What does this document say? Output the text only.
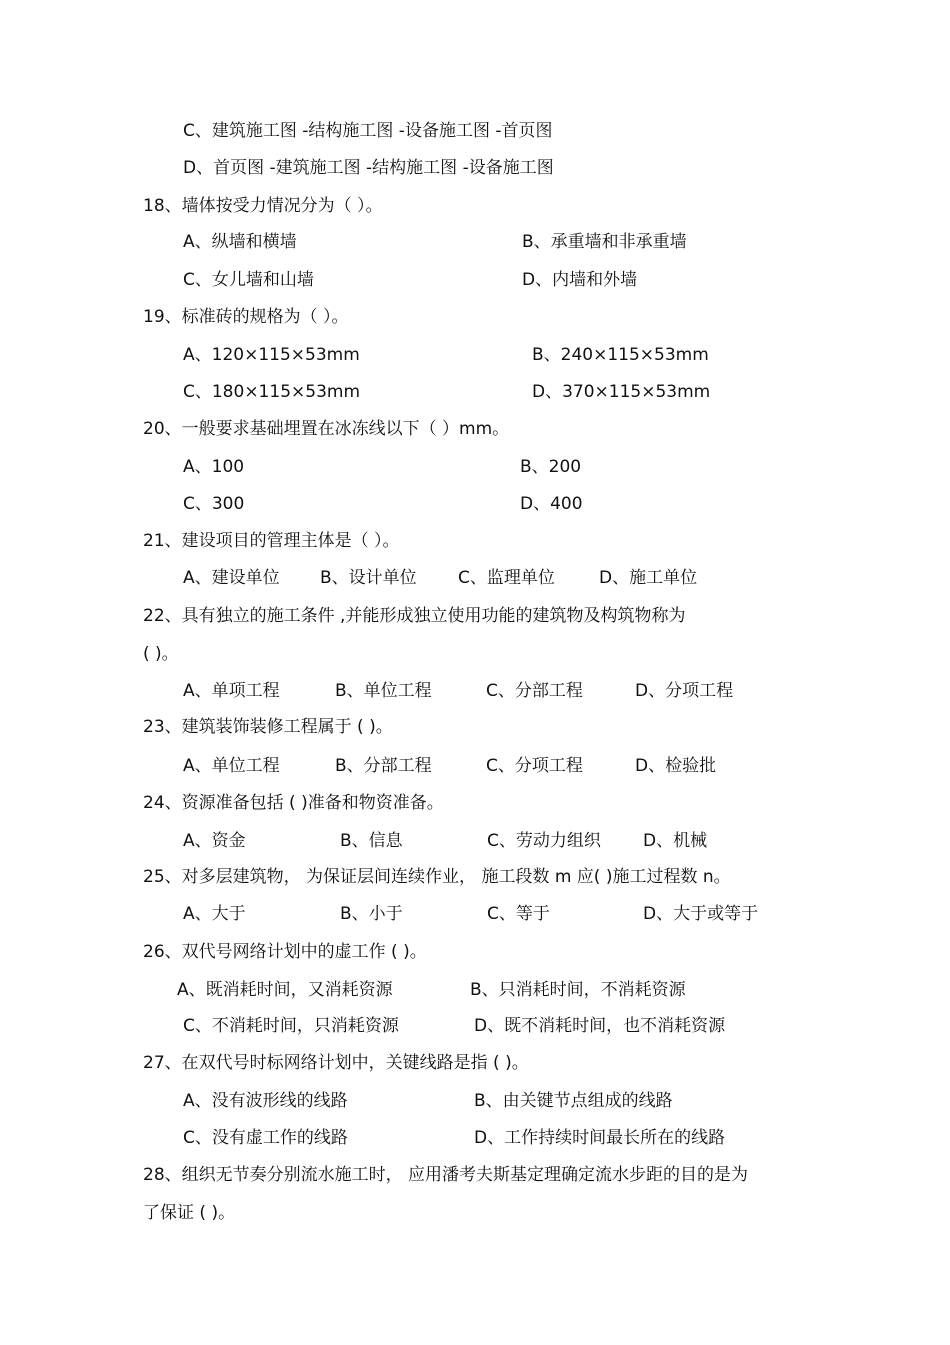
C、建筑施工图 -结构施工图 -设备施工图 -首页图
D、首页图 -建筑施工图 -结构施工图 -设备施工图
18、墙体按受力情况分为（ ）。
A、纵墙和横墙	B、承重墙和非承重墙
C、女儿墙和山墙	D、内墙和外墙
19、标准砖的规格为（ ）。
A、120×115×53mm	B、240×115×53mm
C、180×115×53mm	D、370×115×53mm
20、一般要求基础埋置在冰冻线以下（ ）mm。
A、100	B、200
C、300	D、400
21、建设项目的管理主体是（ ）。
A、建设单位 B、设计单位 C、监理单位	D、施工单位
22、具有独立的施工条件 ,并能形成独立使用功能的建筑物及构筑物称为
( )。
A、单项工程	B、单位工程	C、分部工程	D、分项工程
23、建筑装饰装修工程属于 ( )。
A、单位工程	B、分部工程	C、分项工程	D、检验批
24、资源准备包括 ( )准备和物资准备。
A、资金	B、信息	C、劳动力组织 D、机械
25、对多层建筑物， 为保证层间连续作业， 施工段数 m 应( )施工过程数 n。
A、大于	B、小于	C、等于	D、大于或等于
26、双代号网络计划中的虚工作 ( )。
A、既消耗时间，又消耗资源	B、只消耗时间，不消耗资源
C、不消耗时间，只消耗资源	D、既不消耗时间，也不消耗资源
27、在双代号时标网络计划中，关键线路是指 ( )。
A、没有波形线的线路	B、由关键节点组成的线路
C、没有虚工作的线路	D、工作持续时间最长所在的线路
28、组织无节奏分别流水施工时， 应用潘考夫斯基定理确定流水步距的目的是为
了保证 ( )。
